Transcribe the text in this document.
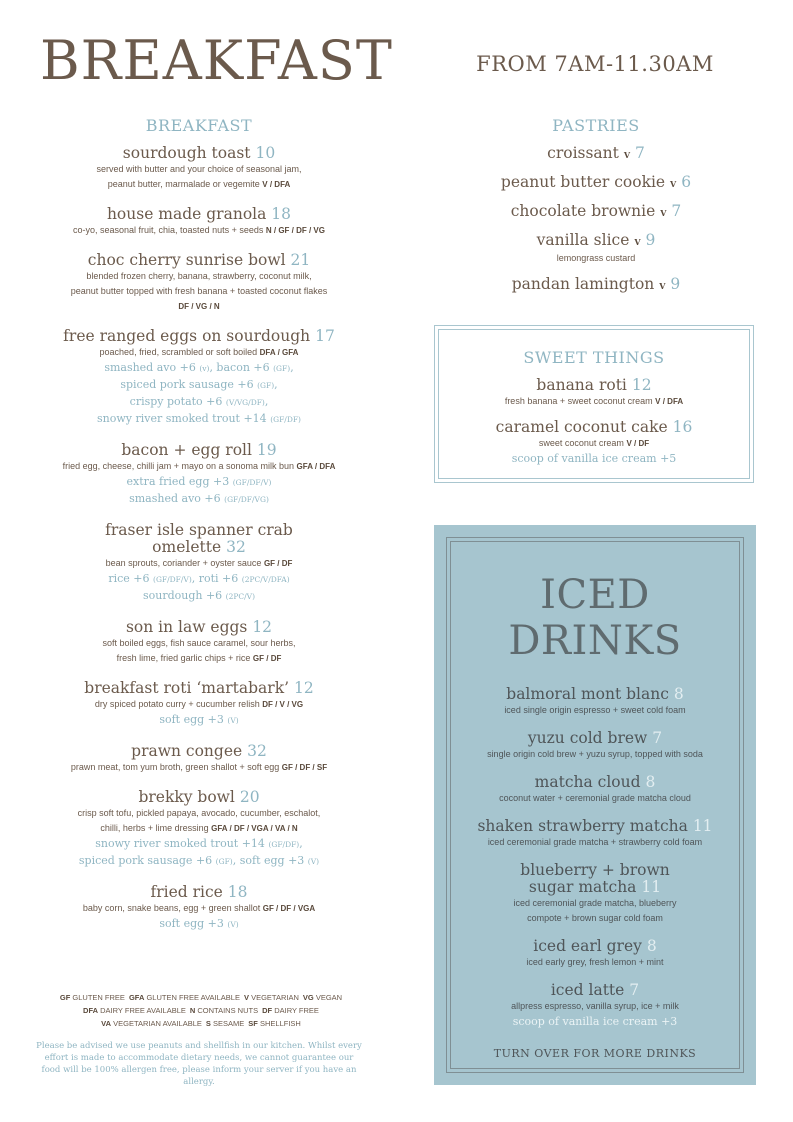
BREAKFAST	FROM 7AM-11.30AM
BREAKFAST
sourdough toast 10
served with butter and your choice of seasonal jam,
peanut butter, marmalade or vegemite V / DFA
house made granola 18
co-yo, seasonal fruit, chia, toasted nuts + seeds N / GF / DF / VG
choc cherry sunrise bowl 21
blended frozen cherry, banana, strawberry, coconut milk,
peanut butter topped with fresh banana + toasted coconut flakes
DF / VG / N
free ranged eggs on sourdough 17
poached, fried, scrambled or soft boiled DFA / GFA
smashed avo +6 (v), bacon +6 (GF),
spiced pork sausage +6 (GF),
crispy potato +6 (V/VG/DF),
snowy river smoked trout +14 (GF/DF)
bacon + egg roll 19
fried egg, cheese, chilli jam + mayo on a sonoma milk bun GFA / DFA
extra fried egg +3 (GF/DF/V)
smashed avo +6 (GF/DF/VG)
fraser isle spanner crab omelette 32
bean sprouts, coriander + oyster sauce GF / DF
rice +6 (GF/DF/V), roti +6 (2PC/V/DFA)
sourdough +6 (2PC/V)
son in law eggs 12
soft boiled eggs, fish sauce caramel, sour herbs,
fresh lime, fried garlic chips + rice GF / DF
breakfast roti ‘martabark’ 12
dry spiced potato curry + cucumber relish DF / V / VG
soft egg +3 (V)
prawn congee 32
prawn meat, tom yum broth, green shallot + soft egg GF / DF / SF
brekky bowl 20
crisp soft tofu, pickled papaya, avocado, cucumber, eschalot,
chilli, herbs + lime dressing GFA / DF / VGA / VA / N
snowy river smoked trout +14 (GF/DF),
spiced pork sausage +6 (GF), soft egg +3 (V)
fried rice 18
baby corn, snake beans, egg + green shallot GF / DF / VGA
soft egg +3 (V)
GF GLUTEN FREE GFA GLUTEN FREE AVAILABLE V VEGETARIAN VG VEGAN
DFA DAIRY FREE AVAILABLE N CONTAINS NUTS DF DAIRY FREE
VA VEGETARIAN AVAILABLE S SESAME SF SHELLFISH
Please be advised we use peanuts and shellfish in our kitchen. Whilst every effort is made to accommodate dietary needs, we cannot guarantee our food will be 100% allergen free, please inform your server if you have an allergy.
PASTRIES
croissant V 7
peanut butter cookie V 6
chocolate brownie V 7
vanilla slice V 9
lemongrass custard
pandan lamington V 9
SWEET THINGS
banana roti 12
fresh banana + sweet coconut cream V / DFA
caramel coconut cake 16
sweet coconut cream V / DF
scoop of vanilla ice cream +5
ICED DRINKS
balmoral mont blanc 8
iced single origin espresso + sweet cold foam
yuzu cold brew 7
single origin cold brew + yuzu syrup, topped with soda
matcha cloud 8
coconut water + ceremonial grade matcha cloud
shaken strawberry matcha 11
iced ceremonial grade matcha + strawberry cold foam
blueberry + brown sugar matcha 11
iced ceremonial grade matcha, blueberry
compote + brown sugar cold foam
iced earl grey 8
iced early grey, fresh lemon + mint
iced latte 7
allpress espresso, vanilla syrup, ice + milk
scoop of vanilla ice cream +3
TURN OVER FOR MORE DRINKS
